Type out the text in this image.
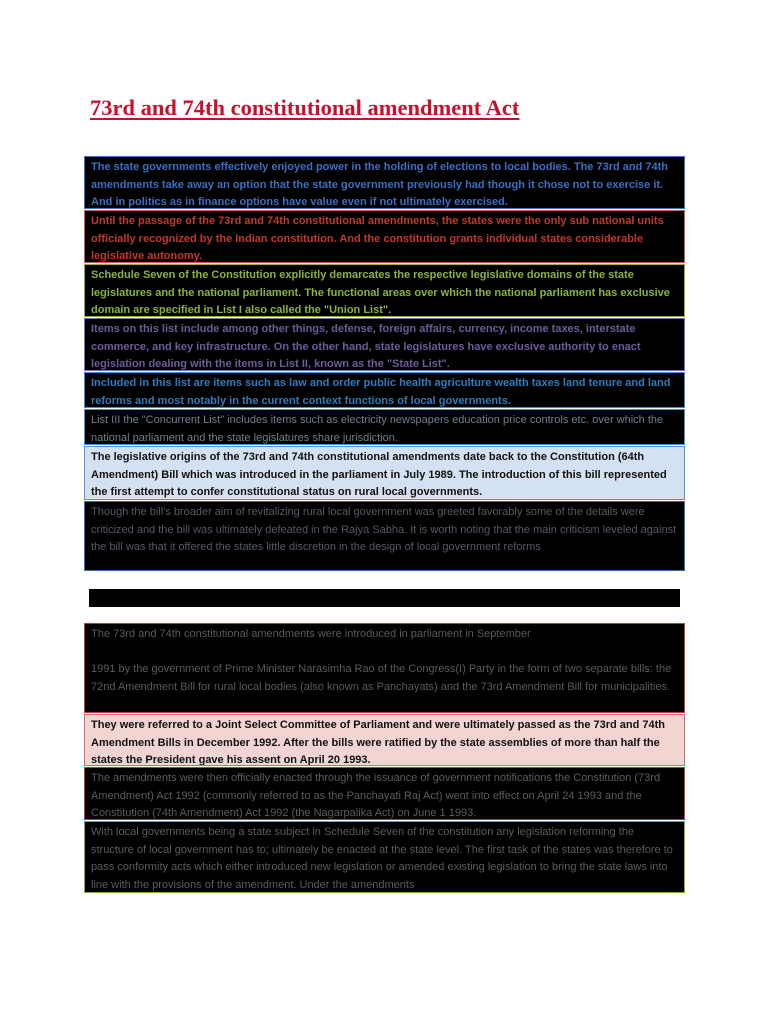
73rd and 74th constitutional amendment Act
The state governments effectively enjoyed power in the holding of elections to local bodies. The 73rd and 74th amendments take away an option that the state government previously had though it chose not to exercise it. And in politics as in finance options have value even if not ultimately exercised.
Until the passage of the 73rd and 74th constitutional amendments, the states were the only sub national units officially recognized by the Indian constitution. And the constitution grants individual states considerable legislative autonomy.
Schedule Seven of the Constitution explicitly demarcates the respective legislative domains of the state legislatures and the national parliament. The functional areas over which the national parliament has exclusive domain are specified in List I also called the "Union List".
Items on this list include among other things, defense, foreign affairs, currency, income taxes, interstate commerce, and key infrastructure. On the other hand, state legislatures have exclusive authority to enact legislation dealing with the items in List II, known as the "State List".
Included in this list are items such as law and order public health agriculture wealth taxes land tenure and land reforms and most notably in the current context functions of local governments.
List III the "Concurrent List" includes items such as electricity newspapers education price controls etc. over which the national parliament and the state legislatures share jurisdiction.
The legislative origins of the 73rd and 74th constitutional amendments date back to the Constitution (64th Amendment) Bill which was introduced in the parliament in July 1989. The introduction of this bill represented the first attempt to confer constitutional status on rural local governments.
Though the bill's broader aim of revitalizing rural local government was greeted favorably some of the details were criticized and the bill was ultimately defeated in the Rajya Sabha. It is worth noting that the main criticism leveled against the bill was that it offered the states little discretion in the design of local government reforms
The 73rd and 74th constitutional amendments were introduced in parliament in September
1991 by the government of Prime Minister Narasimha Rao of the Congress(I) Party in the form of two separate bills: the 72nd Amendment Bill for rural local bodies (also known as Panchayats) and the 73rd Amendment Bill for municipalities.
They were referred to a Joint Select Committee of Parliament and were ultimately passed as the 73rd and 74th Amendment Bills in December 1992. After the bills were ratified by the state assemblies of more than half the states the President gave his assent on April 20 1993.
The amendments were then officially enacted through the issuance of government notifications the Constitution (73rd Amendment) Act 1992 (commonly referred to as the Panchayati Raj Act) went into effect on April 24 1993 and the Constitution (74th Amendment) Act 1992 (the Nagarpalika Act) on June 1 1993.
With local governments being a state subject in Schedule Seven of the constitution any legislation reforming the structure of local government has to; ultimately be enacted at the state level. The first task of the states was therefore to pass conformity acts which either introduced new legislation or amended existing legislation to bring the state laws into line with the provisions of the amendment. Under the amendments
